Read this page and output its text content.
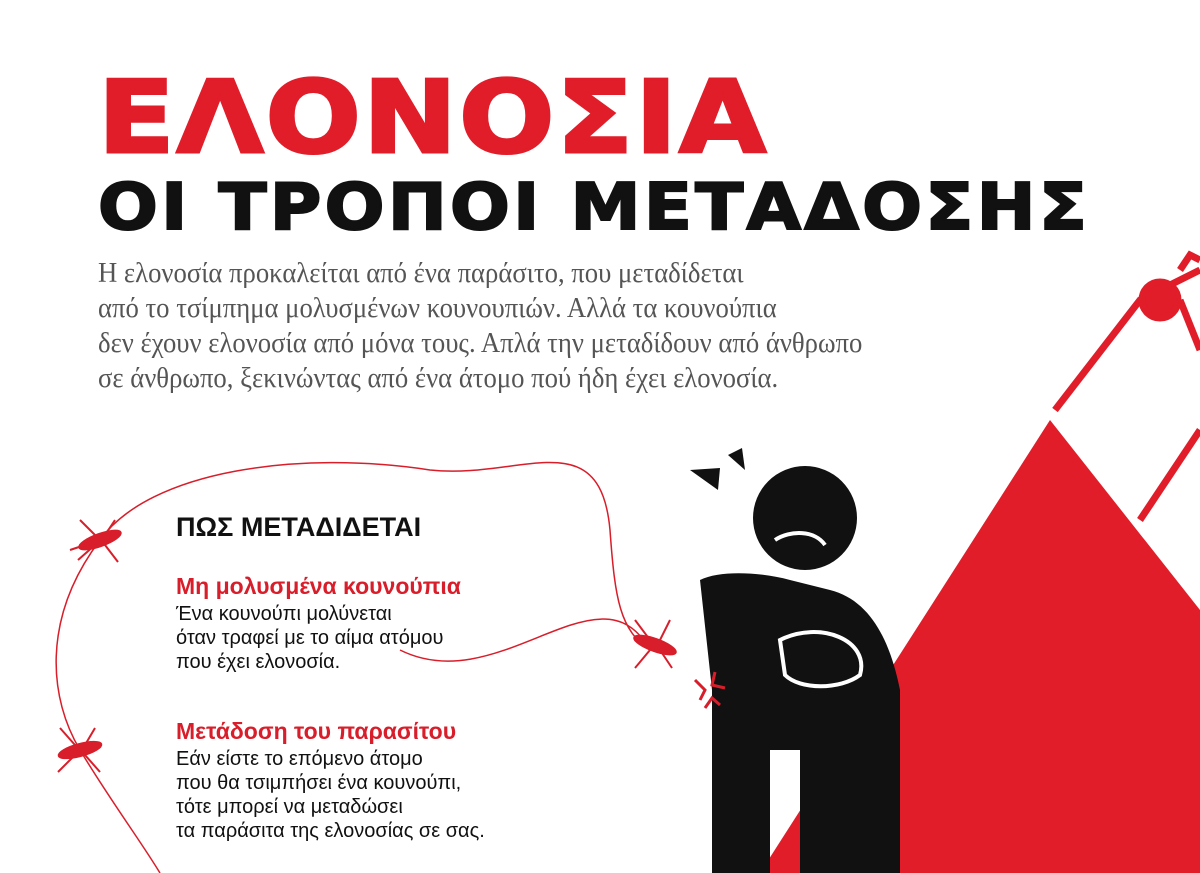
ΕΛΟΝΟΣΙΑ
ΟΙ ΤΡΟΠΟΙ ΜΕΤΑΔΟΣΗΣ
Η ελονοσία προκαλείται από ένα παράσιτο, που μεταδίδεται
από το τσίμπημα μολυσμένων κουνουπιών. Αλλά τα κουνούπια
δεν έχουν ελονοσία από μόνα τους. Απλά την μεταδίδουν από άνθρωπο
σε άνθρωπο, ξεκινώντας από ένα άτομο πού ήδη έχει ελονοσία.
ΠΩΣ ΜΕΤΑΔΙΔΕΤΑΙ
Μη μολυσμένα κουνούπια
Ένα κουνούπι μολύνεται
όταν τραφεί με το αίμα ατόμου
που έχει ελονοσία.
Μετάδοση του παρασίτου
Εάν είστε το επόμενο άτομο
που θα τσιμπήσει ένα κουνούπι,
τότε μπορεί να μεταδώσει
τα παράσιτα της ελονοσίας σε σας.
